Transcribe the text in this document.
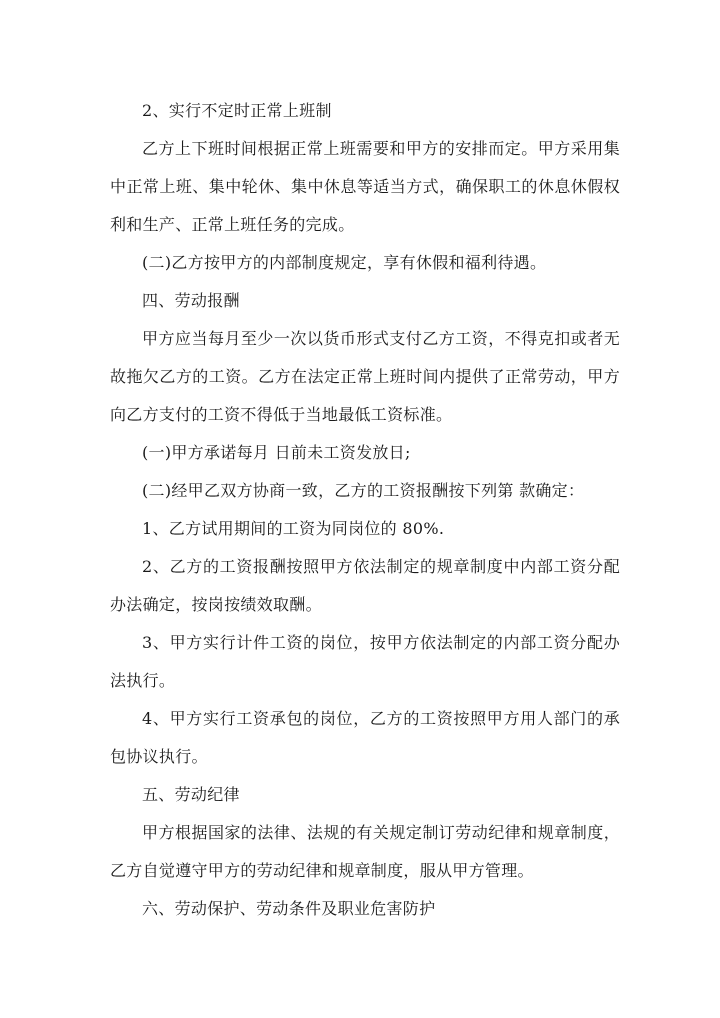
2、实行不定时正常上班制

乙方上下班时间根据正常上班需要和甲方的安排而定。甲方采用集中正常上班、集中轮休、集中休息等适当方式，确保职工的休息休假权利和生产、正常上班任务的完成。

(二)乙方按甲方的内部制度规定，享有休假和福利待遇。

四、劳动报酬

甲方应当每月至少一次以货币形式支付乙方工资，不得克扣或者无故拖欠乙方的工资。乙方在法定正常上班时间内提供了正常劳动，甲方向乙方支付的工资不得低于当地最低工资标准。

(一)甲方承诺每月 日前未工资发放日;

(二)经甲乙双方协商一致，乙方的工资报酬按下列第 款确定：

1、乙方试用期间的工资为同岗位的 80%.

2、乙方的工资报酬按照甲方依法制定的规章制度中内部工资分配办法确定，按岗按绩效取酬。

3、甲方实行计件工资的岗位，按甲方依法制定的内部工资分配办法执行。

4、甲方实行工资承包的岗位，乙方的工资按照甲方用人部门的承包协议执行。

五、劳动纪律

甲方根据国家的法律、法规的有关规定制订劳动纪律和规章制度，乙方自觉遵守甲方的劳动纪律和规章制度，服从甲方管理。

六、劳动保护、劳动条件及职业危害防护
